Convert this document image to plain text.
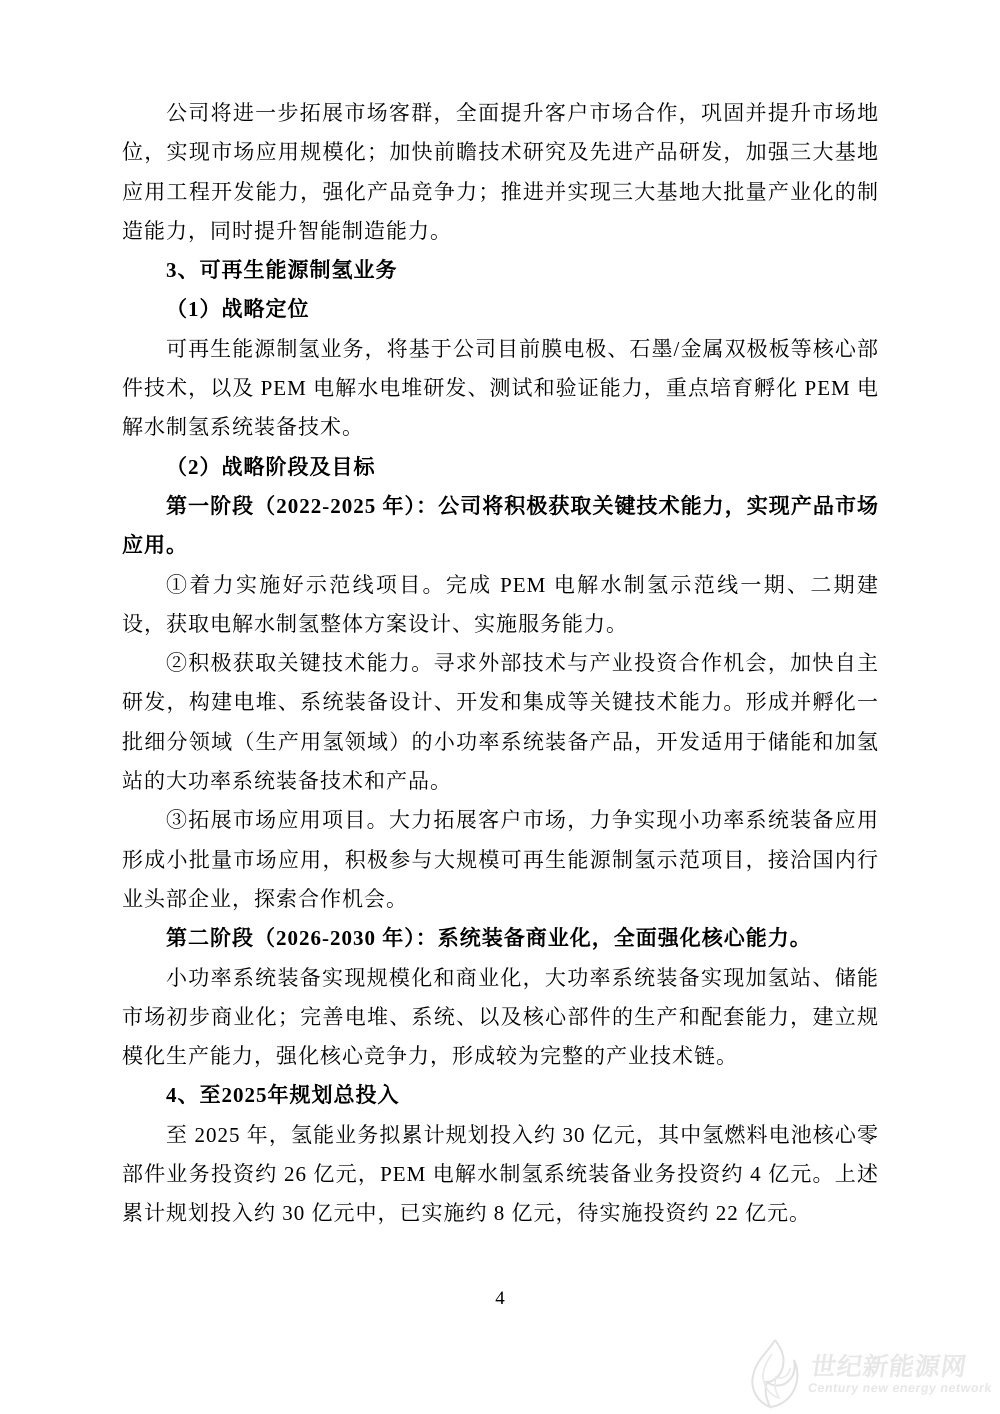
公司将进一步拓展市场客群，全面提升客户市场合作，巩固并提升市场地位，实现市场应用规模化；加快前瞻技术研究及先进产品研发，加强三大基地应用工程开发能力，强化产品竞争力；推进并实现三大基地大批量产业化的制造能力，同时提升智能制造能力。

3、可再生能源制氢业务

（1）战略定位

可再生能源制氢业务，将基于公司目前膜电极、石墨/金属双极板等核心部件技术，以及 PEM 电解水电堆研发、测试和验证能力，重点培育孵化 PEM 电解水制氢系统装备技术。

（2）战略阶段及目标

第一阶段（2022-2025 年）：公司将积极获取关键技术能力，实现产品市场应用。

①着力实施好示范线项目。完成 PEM 电解水制氢示范线一期、二期建设，获取电解水制氢整体方案设计、实施服务能力。

②积极获取关键技术能力。寻求外部技术与产业投资合作机会，加快自主研发，构建电堆、系统装备设计、开发和集成等关键技术能力。形成并孵化一批细分领域（生产用氢领域）的小功率系统装备产品，开发适用于储能和加氢站的大功率系统装备技术和产品。

③拓展市场应用项目。大力拓展客户市场，力争实现小功率系统装备应用形成小批量市场应用，积极参与大规模可再生能源制氢示范项目，接洽国内行业头部企业，探索合作机会。

第二阶段（2026-2030 年）：系统装备商业化，全面强化核心能力。

小功率系统装备实现规模化和商业化，大功率系统装备实现加氢站、储能市场初步商业化；完善电堆、系统、以及核心部件的生产和配套能力，建立规模化生产能力，强化核心竞争力，形成较为完整的产业技术链。

4、至2025年规划总投入

至 2025 年，氢能业务拟累计规划投入约 30 亿元，其中氢燃料电池核心零部件业务投资约 26 亿元，PEM 电解水制氢系统装备业务投资约 4 亿元。上述累计规划投入约 30 亿元中，已实施约 8 亿元，待实施投资约 22 亿元。

4
世纪新能源网
Century new energy network
